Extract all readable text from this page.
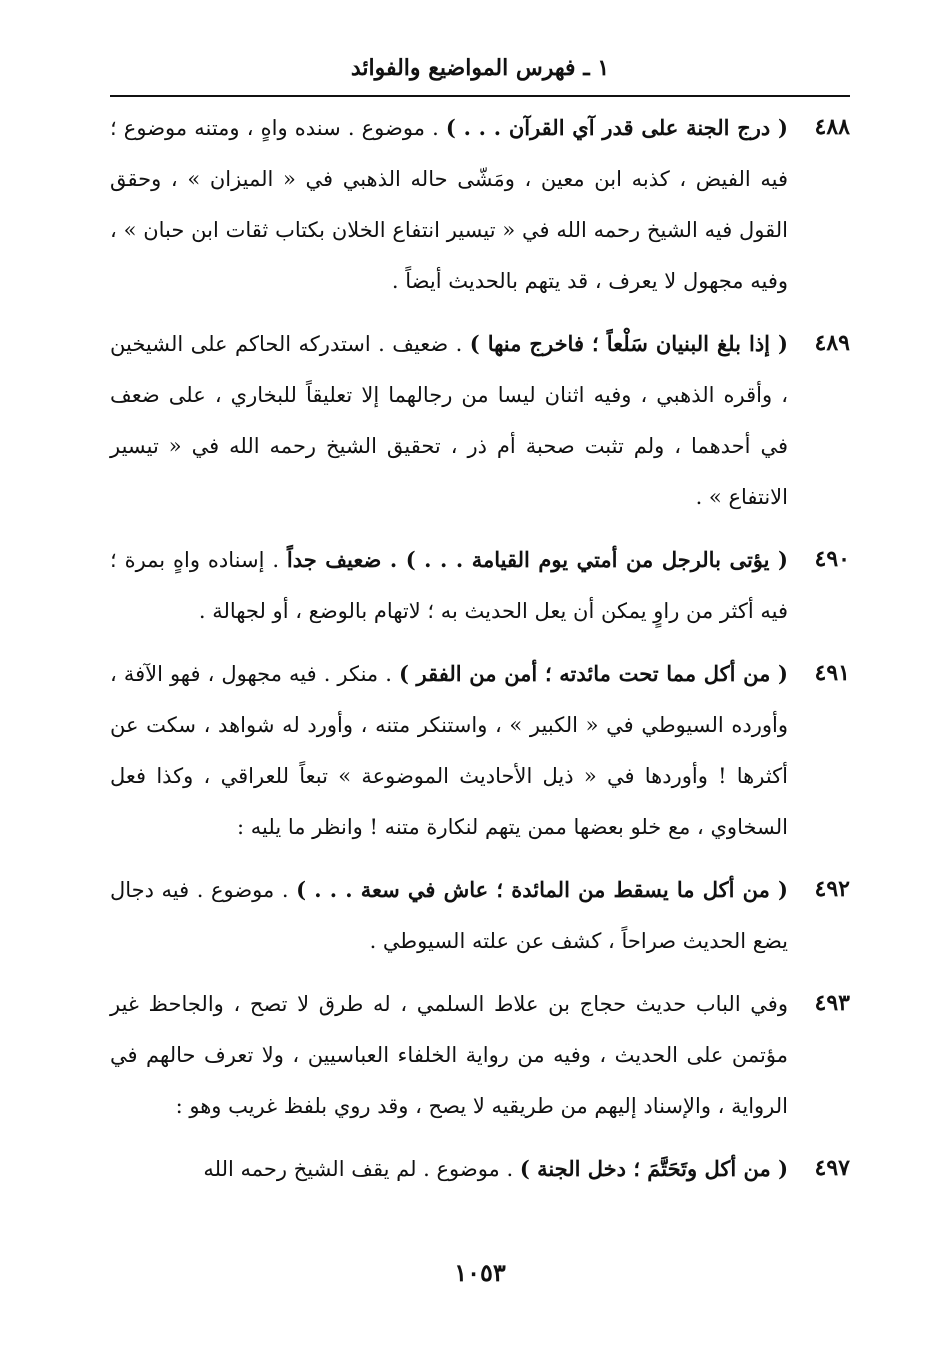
١ ـ فهرس المواضيع والفوائد
٤٨٨
( درج الجنة على قدر آي القرآن . . . ) . موضوع . سنده واهٍ ، ومتنه موضوع ؛ فيه الفيض ، كذبه ابن معين ، ومَشّى حاله الذهبي في « الميزان » ، وحقق القول فيه الشيخ رحمه الله في « تيسير انتفاع الخلان بكتاب ثقات ابن حبان » ، وفيه مجهول لا يعرف ، قد يتهم بالحديث أيضاً .
٤٨٩
( إذا بلغ البنيان سَلْعاً ؛ فاخرج منها ) . ضعيف . استدركه الحاكم على الشيخين ، وأقره الذهبي ، وفيه اثنان ليسا من رجالهما إلا تعليقاً للبخاري ، على ضعف في أحدهما ، ولم تثبت صحبة أم ذر ، تحقيق الشيخ رحمه الله في « تيسير الانتفاع » .
٤٩٠
( يؤتى بالرجل من أمتي يوم القيامة . . . ) . ضعيف جداً . إسناده واهٍ بمرة ؛ فيه أكثر من راوٍ يمكن أن يعل الحديث به ؛ لاتهام بالوضع ، أو لجهالة .
٤٩١
( من أكل مما تحت مائدته ؛ أمن من الفقر ) . منكر . فيه مجهول ، فهو الآفة ، وأورده السيوطي في « الكبير » ، واستنكر متنه ، وأورد له شواهد ، سكت عن أكثرها ! وأوردها في « ذيل الأحاديث الموضوعة » تبعاً للعراقي ، وكذا فعل السخاوي ، مع خلو بعضها ممن يتهم لنكارة متنه ! وانظر ما يليه :
٤٩٢
( من أكل ما يسقط من المائدة ؛ عاش في سعة . . . ) . موضوع . فيه دجال يضع الحديث صراحاً ، كشف عن علته السيوطي .
٤٩٣
وفي الباب حديث حجاج بن علاط السلمي ، له طرق لا تصح ، والجاحظ غير مؤتمن على الحديث ، وفيه من رواية الخلفاء العباسيين ، ولا تعرف حالهم في الرواية ، والإسناد إليهم من طريقيه لا يصح ، وقد روي بلفظ غريب وهو :
٤٩٧
( من أكل وتَحَتَّمَ ؛ دخل الجنة ) . موضوع . لم يقف الشيخ رحمه الله
١٠٥٣
